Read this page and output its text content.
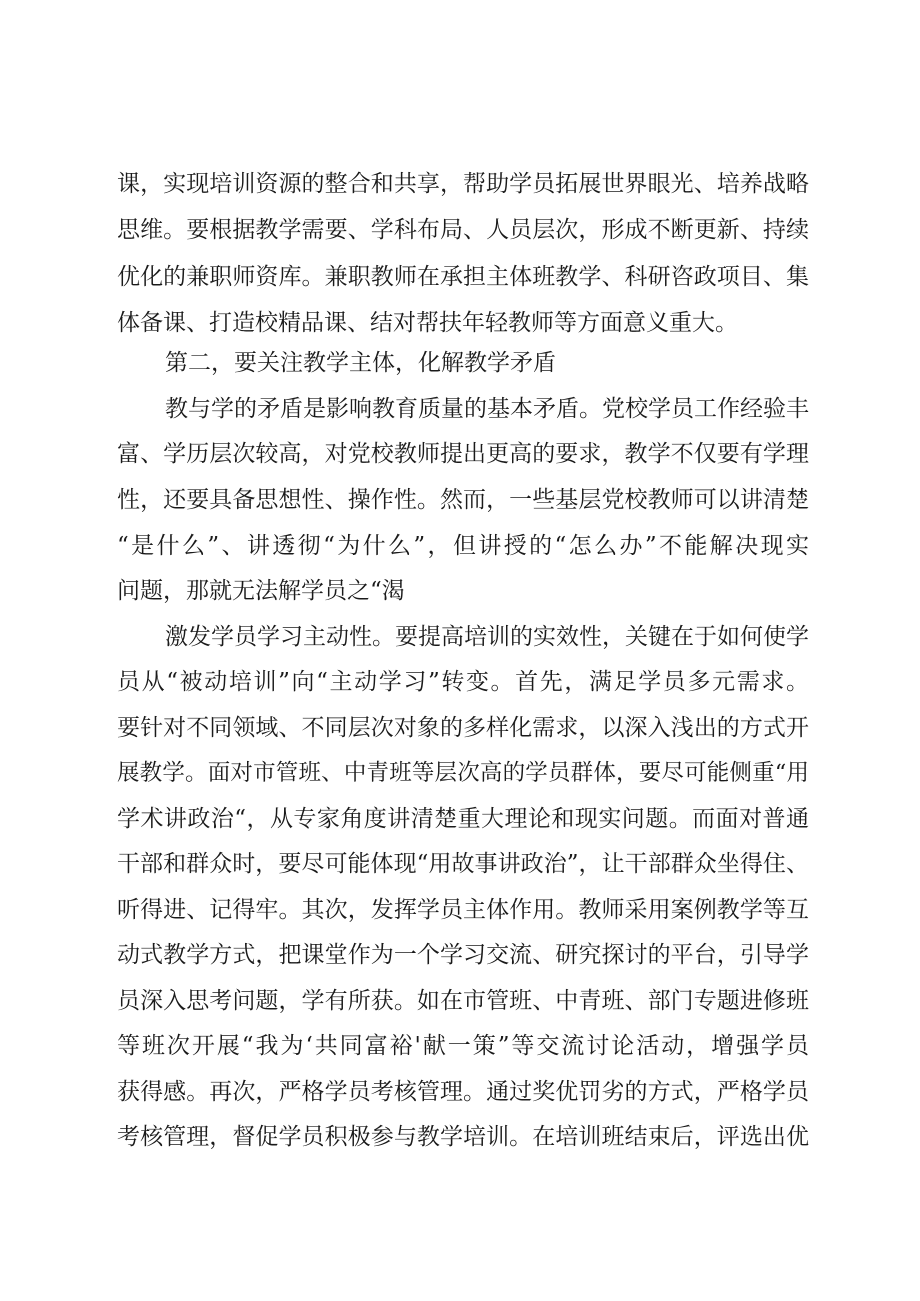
课，实现培训资源的整合和共享，帮助学员拓展世界眼光、培养战略
思维。要根据教学需要、学科布局、人员层次，形成不断更新、持续
优化的兼职师资库。兼职教师在承担主体班教学、科研咨政项目、集
体备课、打造校精品课、结对帮扶年轻教师等方面意义重大。
第二，要关注教学主体，化解教学矛盾
教与学的矛盾是影响教育质量的基本矛盾。党校学员工作经验丰
富、学历层次较高，对党校教师提出更高的要求，教学不仅要有学理
性，还要具备思想性、操作性。然而，一些基层党校教师可以讲清楚
“是什么”、讲透彻“为什么”，但讲授的“怎么办”不能解决现实
问题，那就无法解学员之“渴
激发学员学习主动性。要提高培训的实效性，关键在于如何使学
员从“被动培训”向“主动学习”转变。首先，满足学员多元需求。
要针对不同领域、不同层次对象的多样化需求，以深入浅出的方式开
展教学。面对市管班、中青班等层次高的学员群体，要尽可能侧重“用
学术讲政治“，从专家角度讲清楚重大理论和现实问题。而面对普通
干部和群众时，要尽可能体现“用故事讲政治”，让干部群众坐得住、
听得进、记得牢。其次，发挥学员主体作用。教师采用案例教学等互
动式教学方式，把课堂作为一个学习交流、研究探讨的平台，引导学
员深入思考问题，学有所获。如在市管班、中青班、部门专题进修班
等班次开展“我为‘共同富裕'献一策”等交流讨论活动，增强学员
获得感。再次，严格学员考核管理。通过奖优罚劣的方式，严格学员
考核管理，督促学员积极参与教学培训。在培训班结束后，评选出优
